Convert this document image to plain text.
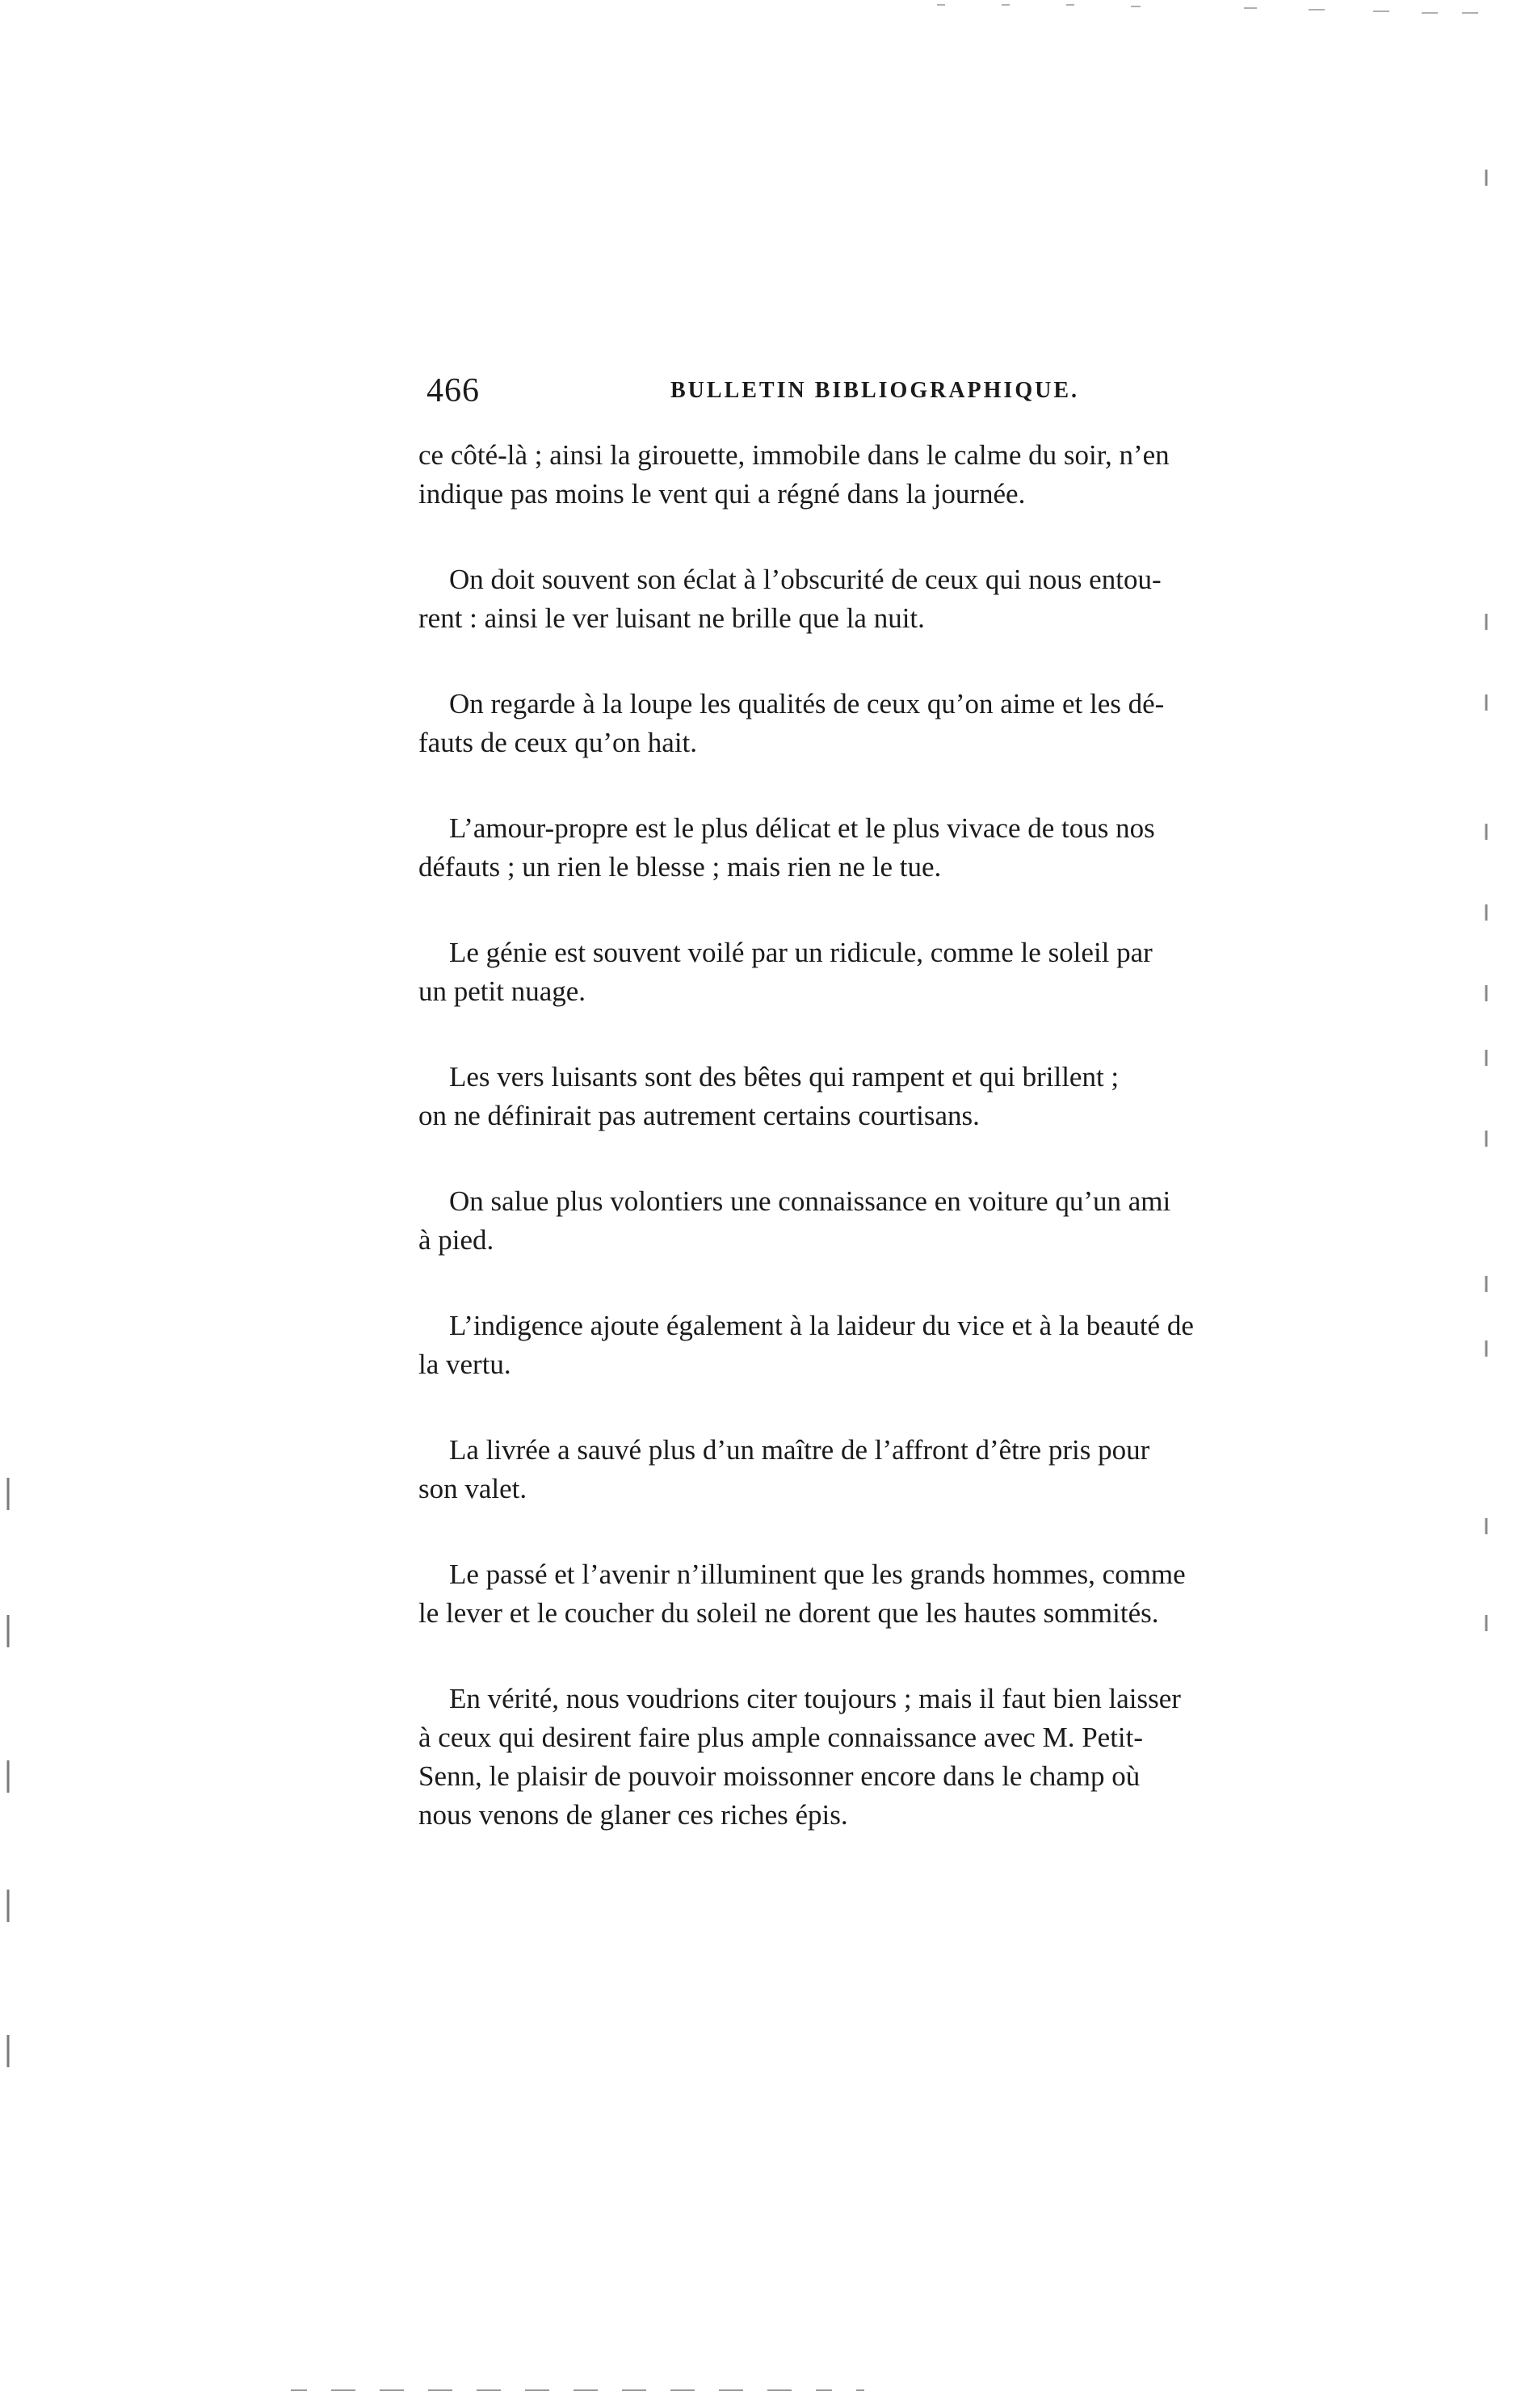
466	BULLETIN BIBLIOGRAPHIQUE.
ce côté-là ; ainsi la girouette, immobile dans le calme du soir, n’en
indique pas moins le vent qui a régné dans la journée.
On doit souvent son éclat à l’obscurité de ceux qui nous entou-
rent : ainsi le ver luisant ne brille que la nuit.
On regarde à la loupe les qualités de ceux qu’on aime et les dé-
fauts de ceux qu’on hait.
L’amour-propre est le plus délicat et le plus vivace de tous nos
défauts ; un rien le blesse ; mais rien ne le tue.
Le génie est souvent voilé par un ridicule, comme le soleil par
un petit nuage.
Les vers luisants sont des bêtes qui rampent et qui brillent ;
on ne définirait pas autrement certains courtisans.
On salue plus volontiers une connaissance en voiture qu’un ami
à pied.
L’indigence ajoute également à la laideur du vice et à la beauté de
la vertu.
La livrée a sauvé plus d’un maître de l’affront d’être pris pour
son valet.
Le passé et l’avenir n’illuminent que les grands hommes, comme
le lever et le coucher du soleil ne dorent que les hautes sommités.
En vérité, nous voudrions citer toujours ; mais il faut bien laisser
à ceux qui desirent faire plus ample connaissance avec M. Petit-
Senn, le plaisir de pouvoir moissonner encore dans le champ où
nous venons de glaner ces riches épis.
